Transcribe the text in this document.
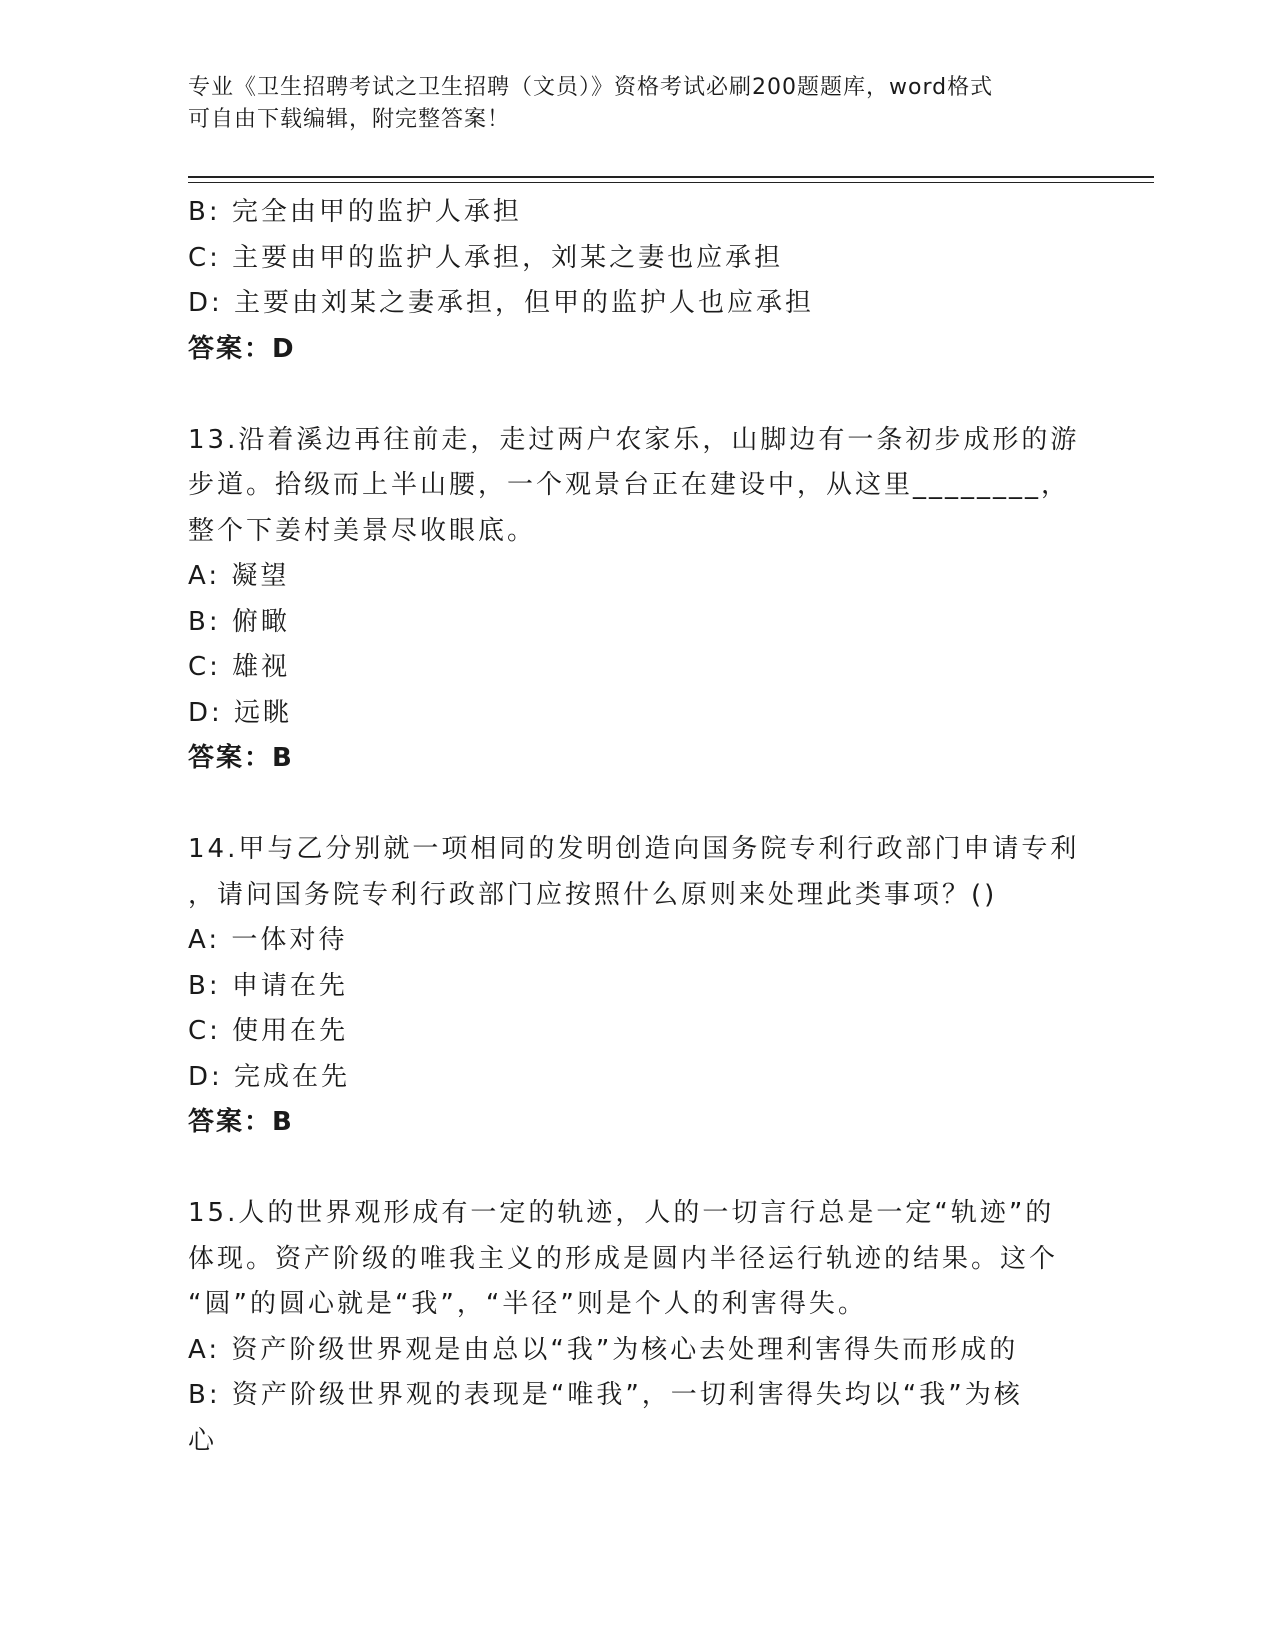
专业《卫生招聘考试之卫生招聘（文员）》资格考试必刷200题题库，word格式
可自由下载编辑，附完整答案！
B: 完全由甲的监护人承担
C: 主要由甲的监护人承担，刘某之妻也应承担
D: 主要由刘某之妻承担，但甲的监护人也应承担
答案：D
13.沿着溪边再往前走，走过两户农家乐，山脚边有一条初步成形的游
步道。拾级而上半山腰，一个观景台正在建设中，从这里________，
整个下姜村美景尽收眼底。
A: 凝望
B: 俯瞰
C: 雄视
D: 远眺
答案：B
14.甲与乙分别就一项相同的发明创造向国务院专利行政部门申请专利
，请问国务院专利行政部门应按照什么原则来处理此类事项？()
A: 一体对待
B: 申请在先
C: 使用在先
D: 完成在先
答案：B
15.人的世界观形成有一定的轨迹，人的一切言行总是一定“轨迹”的
体现。资产阶级的唯我主义的形成是圆内半径运行轨迹的结果。这个
“圆”的圆心就是“我”，“半径”则是个人的利害得失。
A: 资产阶级世界观是由总以“我”为核心去处理利害得失而形成的
B: 资产阶级世界观的表现是“唯我”，一切利害得失均以“我”为核
心
